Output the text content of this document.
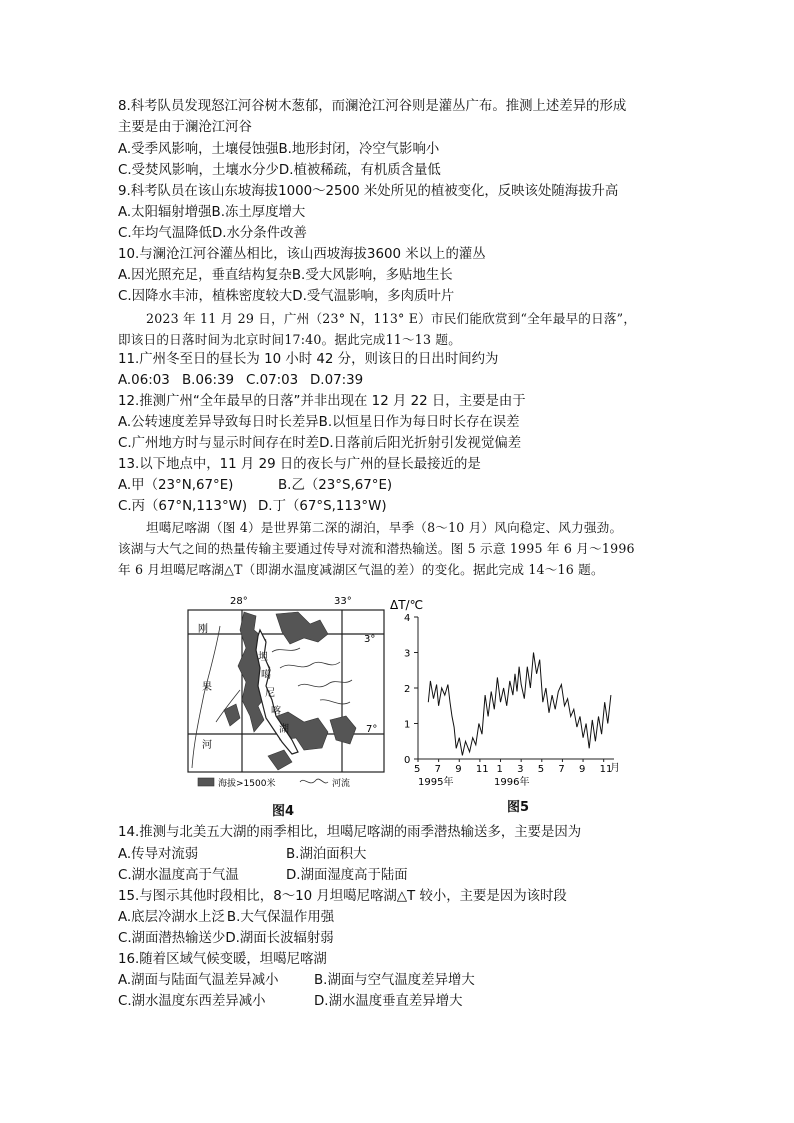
8.科考队员发现怒江河谷树木葱郁，而澜沧江河谷则是灌丛广布。推测上述差异的形成
主要是由于澜沧江河谷
A.受季风影响，土壤侵蚀强B.地形封闭，冷空气影响小
C.受焚风影响，土壤水分少D.植被稀疏，有机质含量低
9.科考队员在该山东坡海拔1000～2500 米处所见的植被变化，反映该处随海拔升高
A.太阳辐射增强B.冻土厚度增大
C.年均气温降低D.水分条件改善
10.与澜沧江河谷灌丛相比，该山西坡海拔3600 米以上的灌丛
A.因光照充足，垂直结构复杂B.受大风影响，多贴地生长
C.因降水丰沛，植株密度较大D.受气温影响，多肉质叶片
2023 年 11 月 29 日，广州（23° N，113° E）市民们能欣赏到“全年最早的日落”，
即该日的日落时间为北京时间17:40。据此完成11～13 题。
11.广州冬至日的昼长为 10 小时 42 分，则该日的日出时间约为
A.06:03 B.06:39 C.07:03 D.07:39
12.推测广州“全年最早的日落”并非出现在 12 月 22 日，主要是由于
A.公转速度差异导致每日时长差异B.以恒星日作为每日时长存在误差
C.广州地方时与显示时间存在时差D.日落前后阳光折射引发视觉偏差
13.以下地点中，11 月 29 日的夜长与广州的昼长最接近的是
A.甲（23°N,67°E)	B.乙（23°S,67°E)
C.丙（67°N,113°W) D.丁（67°S,113°W)
坦噶尼喀湖（图 4）是世界第二深的湖泊，旱季（8～10 月）风向稳定、风力强劲。
该湖与大气之间的热量传输主要通过传导对流和潜热输送。图 5 示意 1995 年 6 月～1996
年 6 月坦噶尼喀湖△T（即湖水温度减湖区气温的差）的变化。据此完成 14～16 题。
28°	33°
3°
7°
坦
噶
尼
喀
湖
刚
果
河
海拔>1500米	河流
图4
ΔT/℃
4
3
2
1
0
5 7 9 11 1 3 5 7 9 11
月
1995年	1996年
图5
14.推测与北美五大湖的雨季相比，坦噶尼喀湖的雨季潜热输送多，主要是因为
A.传导对流弱	B.湖泊面积大
C.湖水温度高于气温	D.湖面湿度高于陆面
15.与图示其他时段相比，8～10 月坦噶尼喀湖△T 较小，主要是因为该时段
A.底层冷湖水上泛 B.大气保温作用强
C.湖面潜热输送少D.湖面长波辐射弱
16.随着区域气候变暖，坦噶尼喀湖
A.湖面与陆面气温差异减小	B.湖面与空气温度差异增大
C.湖水温度东西差异减小	D.湖水温度垂直差异增大
